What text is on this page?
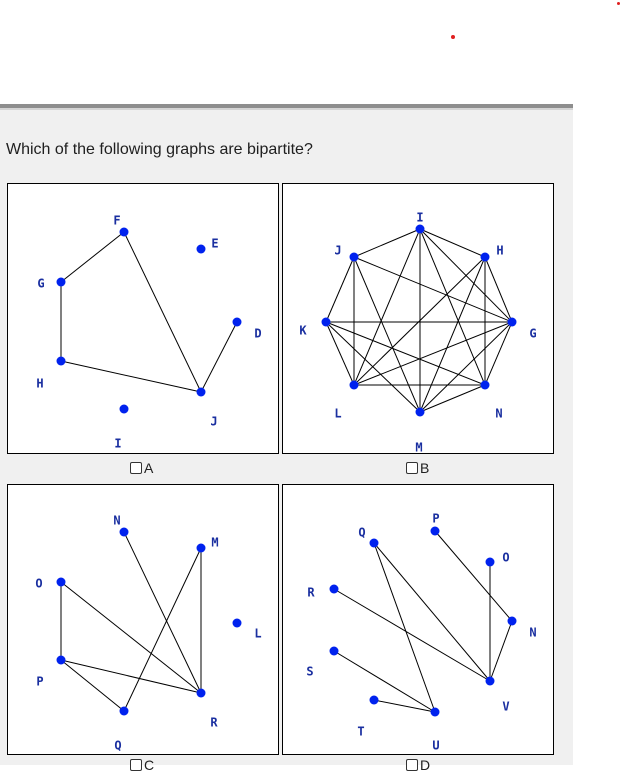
Which of the following graphs are bipartite?
F
E
G
D
H
J
I
I
J	H
K	G
L	N
M
N
M
O
L
P
Q
R
Q
P
O
R
N
S
V
T
U
A	B
C	D
